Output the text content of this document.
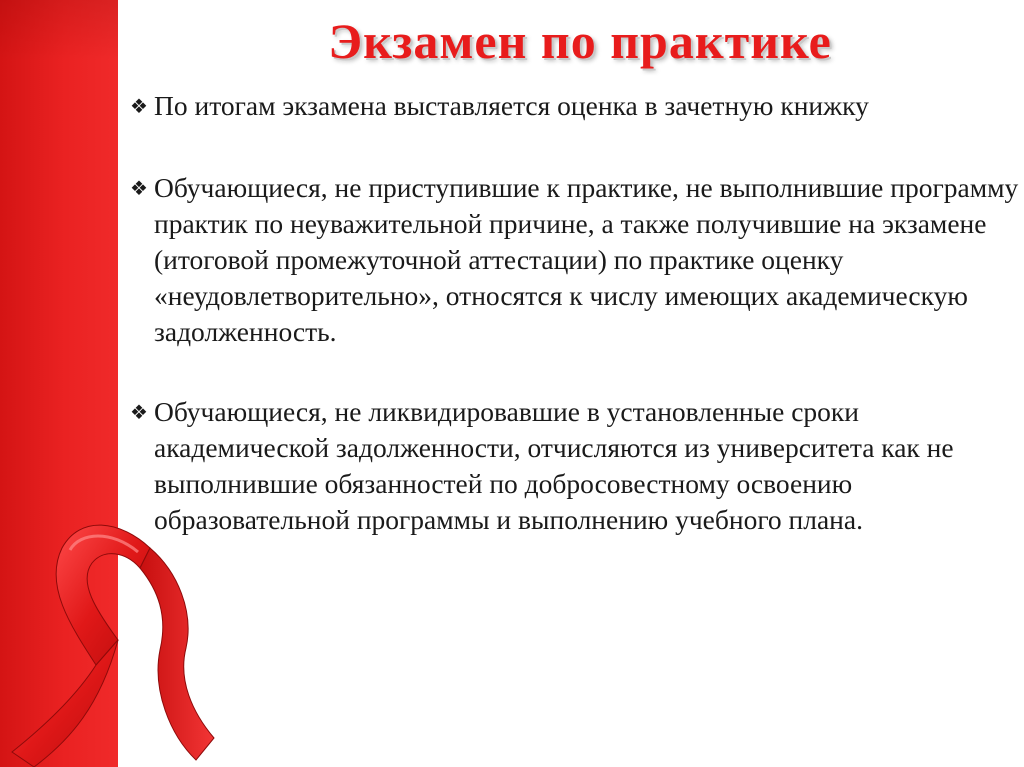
Экзамен по практике
❖ По итогам экзамена выставляется оценка в зачетную книжку
❖ Обучающиеся, не приступившие к практике, не выполнившие программу практик по неуважительной причине, а также получившие на экзамене (итоговой промежуточной аттестации) по практике оценку «неудовлетворительно», относятся к числу имеющих академическую задолженность.
❖ Обучающиеся, не ликвидировавшие в установленные сроки академической задолженности, отчисляются из университета как не выполнившие обязанностей по добросовестному освоению образовательной программы и выполнению учебного плана.
